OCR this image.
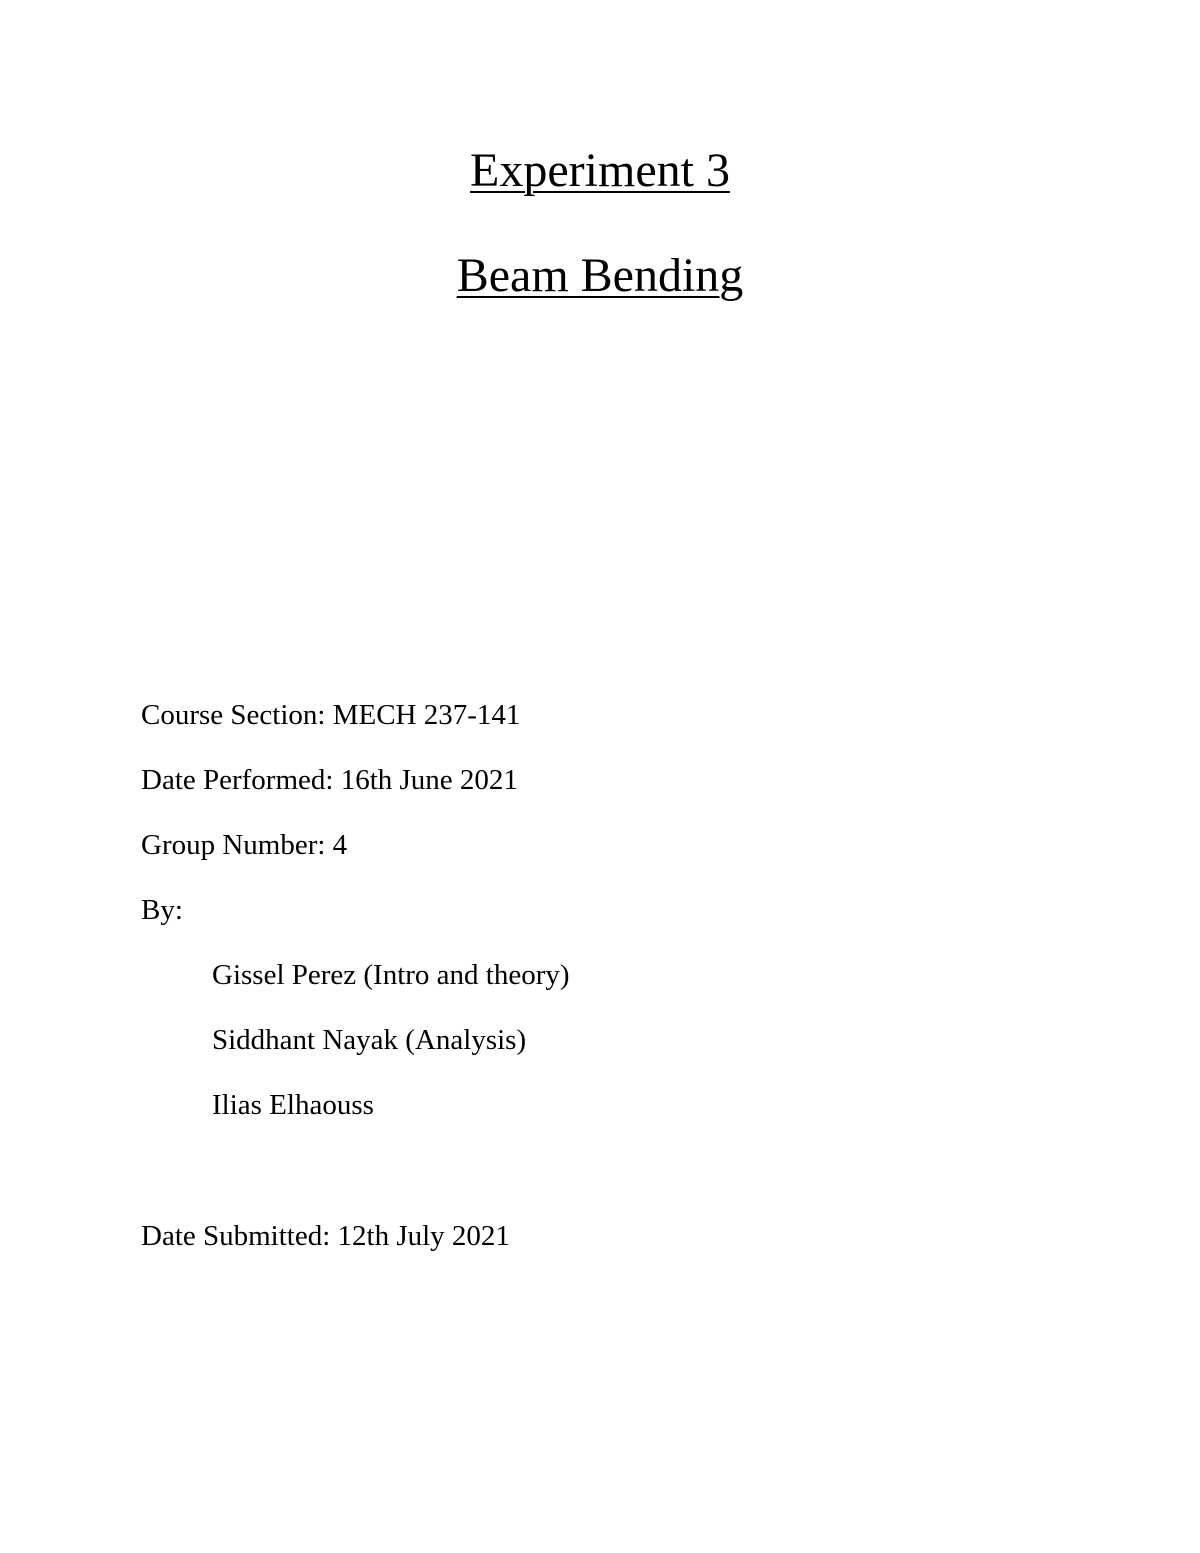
Experiment 3
Beam Bending

Course Section: MECH 237-141

Date Performed: 16th June 2021

Group Number: 4

By:

Gissel Perez (Intro and theory)

Siddhant Nayak (Analysis)

Ilias Elhaouss

Date Submitted: 12th July 2021
